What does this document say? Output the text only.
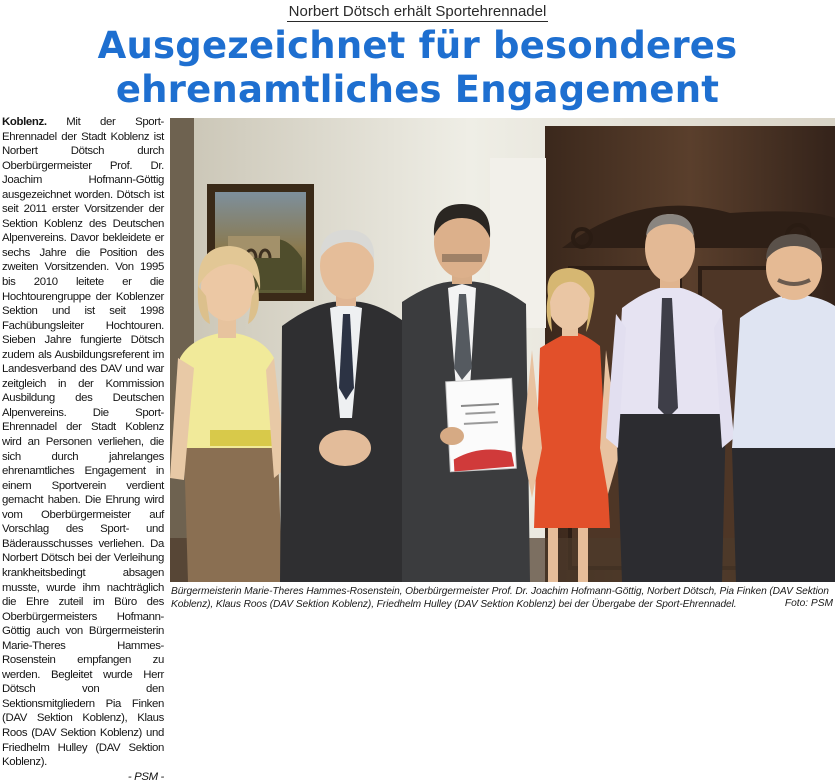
Norbert Dötsch erhält Sportehrennadel
Ausgezeichnet für besonderes
ehrenamtliches Engagement
Koblenz. Mit der Sport-Ehrennadel der Stadt Koblenz ist Norbert Dötsch durch Oberbürgermeister Prof. Dr. Joachim Hofmann-Göttig ausgezeichnet worden. Dötsch ist seit 2011 erster Vorsitzender der Sektion Koblenz des Deutschen Alpenvereins. Davor bekleidete er sechs Jahre die Position des zweiten Vorsitzenden. Von 1995 bis 2010 leitete er die Hochtourengruppe der Koblenzer Sektion und ist seit 1998 Fachübungsleiter Hochtouren. Sieben Jahre fungierte Dötsch zudem als Ausbildungsreferent im Landesverband des DAV und war zeitgleich in der Kommission Ausbildung des Deutschen Alpenvereins. Die Sport-Ehrennadel der Stadt Koblenz wird an Personen verliehen, die sich durch jahrelanges ehrenamtliches Engagement in einem Sportverein verdient gemacht haben. Die Ehrung wird vom Oberbürgermeister auf Vorschlag des Sport- und Bäderausschusses verliehen. Da Norbert Dötsch bei der Verleihung krankheitsbedingt absagen musste, wurde ihm nachträglich die Ehre zuteil im Büro des Oberbürgermeisters Hofmann-Göttig auch von Bürgermeisterin Marie-Theres Hammes-Rosenstein empfangen zu werden. Begleitet wurde Herr Dötsch von den Sektionsmitgliedern Pia Finken (DAV Sektion Koblenz), Klaus Roos (DAV Sektion Koblenz) und Friedhelm Hulley (DAV Sektion Koblenz).
- PSM -
Bürgermeisterin Marie-Theres Hammes-Rosenstein, Oberbürgermeister Prof. Dr. Joachim Hofmann-Göttig, Norbert Dötsch, Pia Finken (DAV Sektion Koblenz), Klaus Roos (DAV Sektion Koblenz), Friedhelm Hulley (DAV Sektion Koblenz) bei der Übergabe der Sport-Ehrennadel.	Foto: PSM
